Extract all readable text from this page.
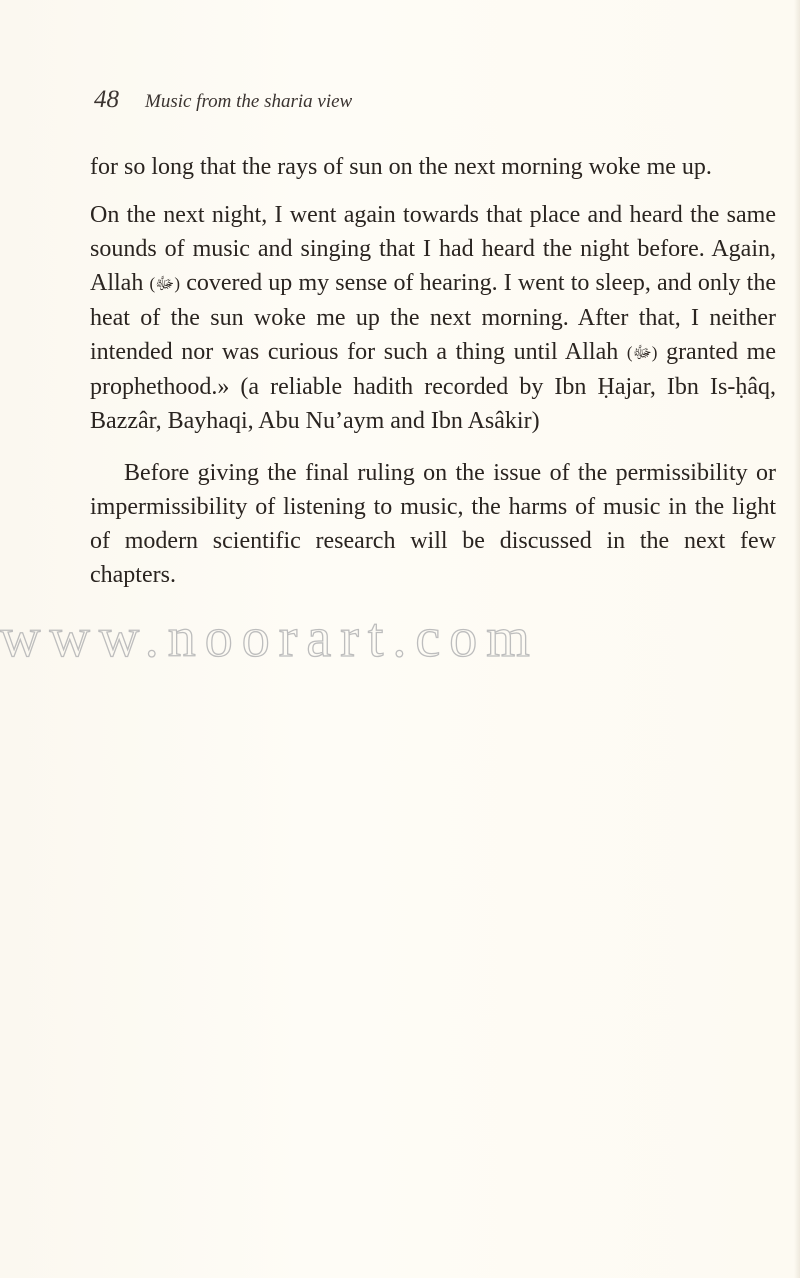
48 Music from the sharia view

for so long that the rays of sun on the next morning woke me up.

On the next night, I went again towards that place and heard the same sounds of music and singing that I had heard the night before. Again, Allah (ﷻ) covered up my sense of hearing. I went to sleep, and only the heat of the sun woke me up the next morning. After that, I neither intended nor was curious for such a thing until Allah (ﷻ) granted me prophethood.» (a reliable hadith recorded by Ibn Ḥajar, Ibn Is-ḥâq, Bazzâr, Bayhaqi, Abu Nu’aym and Ibn Asâkir)

Before giving the final ruling on the issue of the permissibility or impermissibility of listening to music, the harms of music in the light of modern scientific research will be discussed in the next few chapters.

www.noorart.com
